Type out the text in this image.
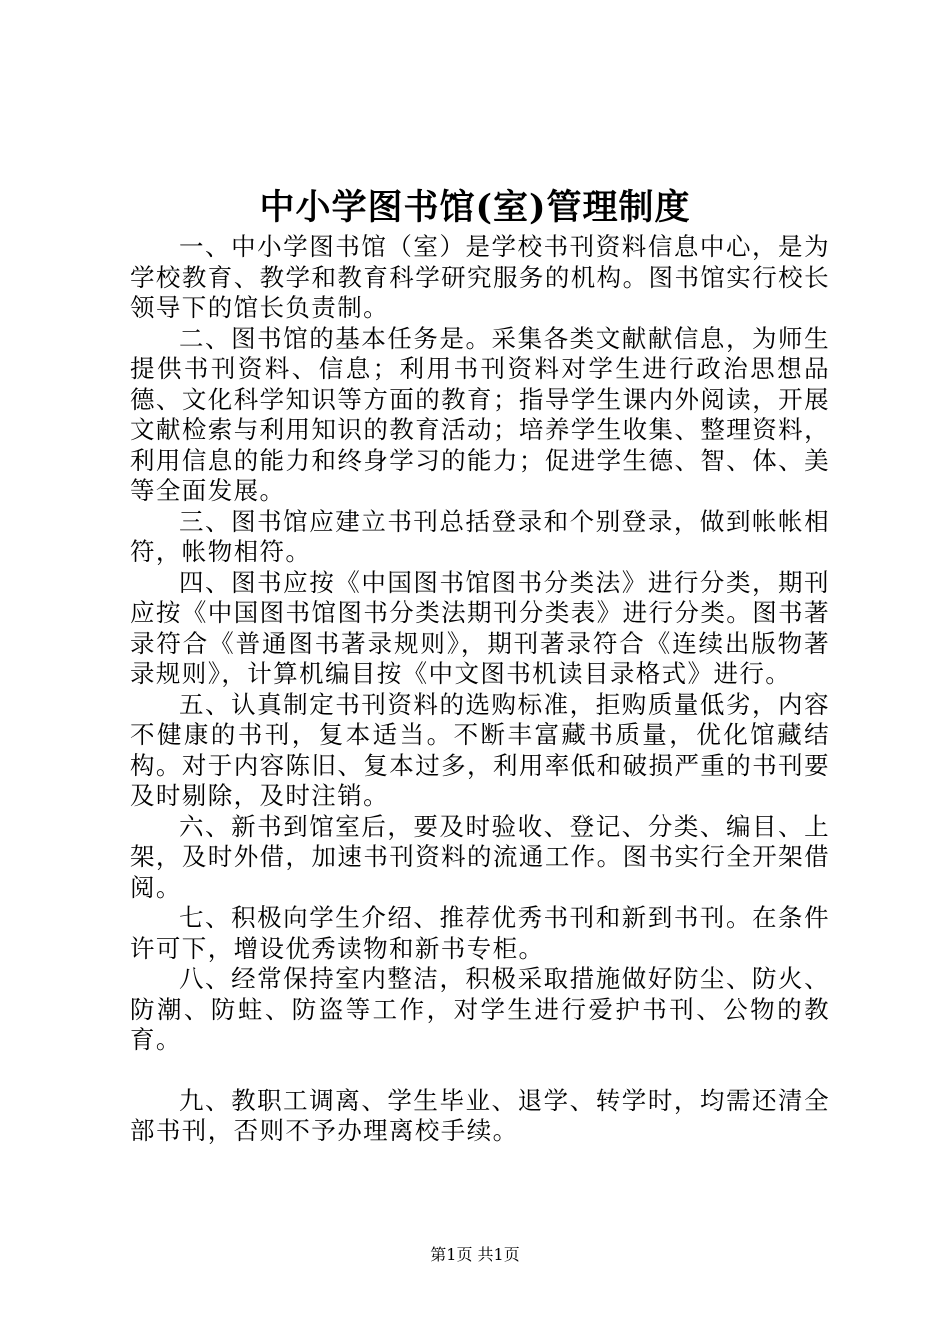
中小学图书馆(室)管理制度

一、中小学图书馆（室）是学校书刊资料信息中心，是为学校教育、教学和教育科学研究服务的机构。图书馆实行校长领导下的馆长负责制。

二、图书馆的基本任务是。采集各类文献献信息，为师生提供书刊资料、信息；利用书刊资料对学生进行政治思想品德、文化科学知识等方面的教育；指导学生课内外阅读，开展文献检索与利用知识的教育活动；培养学生收集、整理资料，利用信息的能力和终身学习的能力；促进学生德、智、体、美等全面发展。

三、图书馆应建立书刊总括登录和个别登录，做到帐帐相符，帐物相符。

四、图书应按《中国图书馆图书分类法》进行分类，期刊应按《中国图书馆图书分类法期刊分类表》进行分类。图书著录符合《普通图书著录规则》，期刊著录符合《连续出版物著录规则》，计算机编目按《中文图书机读目录格式》进行。

五、认真制定书刊资料的选购标准，拒购质量低劣，内容不健康的书刊，复本适当。不断丰富藏书质量，优化馆藏结构。对于内容陈旧、复本过多，利用率低和破损严重的书刊要及时剔除，及时注销。

六、新书到馆室后，要及时验收、登记、分类、编目、上架，及时外借，加速书刊资料的流通工作。图书实行全开架借阅。

七、积极向学生介绍、推荐优秀书刊和新到书刊。在条件许可下，增设优秀读物和新书专柜。

八、经常保持室内整洁，积极采取措施做好防尘、防火、防潮、防蛀、防盗等工作，对学生进行爱护书刊、公物的教育。

九、教职工调离、学生毕业、退学、转学时，均需还清全部书刊，否则不予办理离校手续。

第1页 共1页
